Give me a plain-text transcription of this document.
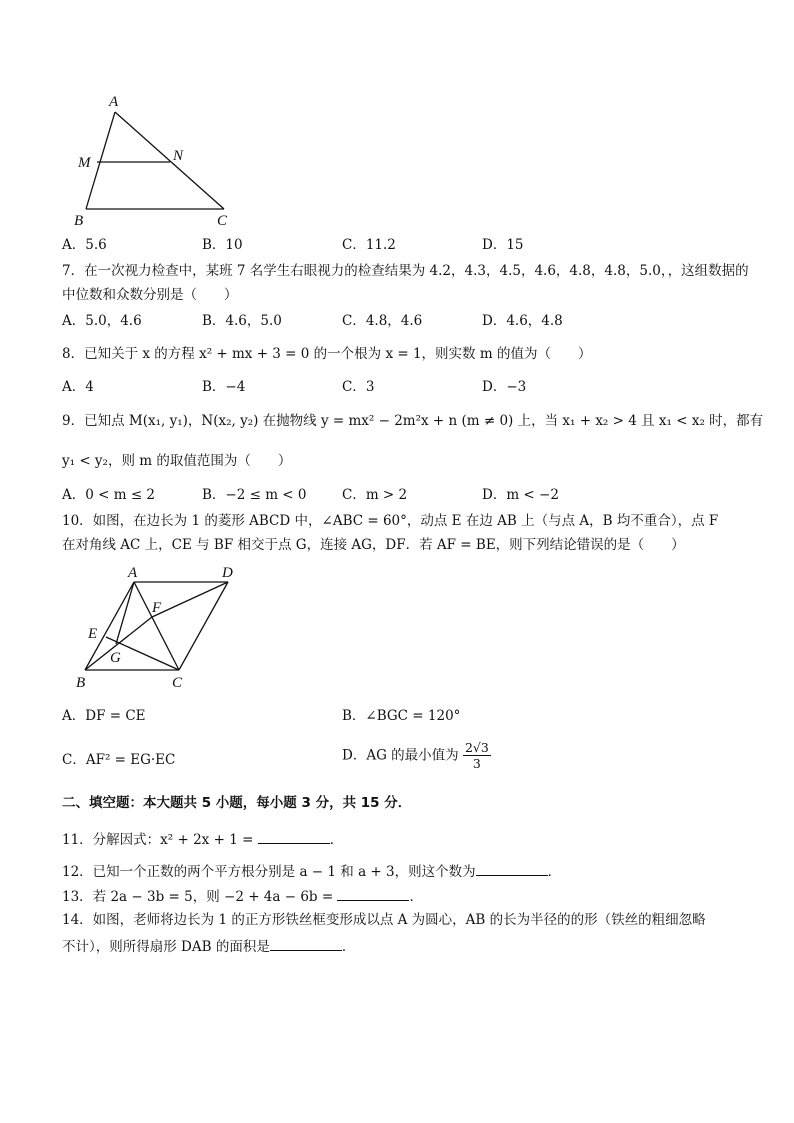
A
M	N
B	C
A．5.6	B．10	C．11.2	D．15
7．在一次视力检查中，某班 7 名学生右眼视力的检查结果为 4.2，4.3，4.5，4.6，4.8，4.8，5.0，，这组数据的
中位数和众数分别是（　　）
A．5.0，4.6	B．4.6，5.0	C．4.8，4.6	D．4.6，4.8
8．已知关于 x 的方程 x² + mx + 3 = 0 的一个根为 x = 1，则实数 m 的值为（　　）
A．4	B．−4	C．3	D．−3
9．已知点 M(x₁, y₁)，N(x₂, y₂) 在抛物线 y = mx² − 2m²x + n (m ≠ 0) 上，当 x₁ + x₂ > 4 且 x₁ < x₂ 时，都有
y₁ < y₂，则 m 的取值范围为（　　）
A．0 < m ≤ 2	B．−2 ≤ m < 0	C．m > 2	D．m < −2
10．如图，在边长为 1 的菱形 ABCD 中，∠ABC = 60°，动点 E 在边 AB 上（与点 A，B 均不重合），点 F
在对角线 AC 上，CE 与 BF 相交于点 G，连接 AG，DF．若 AF = BE，则下列结论错误的是（　　）
A	D
F
E
G
B	C
A．DF = CE	B．∠BGC = 120°
C．AF² = EG·EC	D．AG 的最小值为 $\frac{2√3}{3}$
二、填空题：本大题共 5 小题，每小题 3 分，共 15 分．
11．分解因式：x² + 2x + 1 =	．
12．已知一个正数的两个平方根分别是 a − 1 和 a + 3，则这个数为	．
13．若 2a − 3b = 5，则 −2 + 4a − 6b =	．
14．如图，老师将边长为 1 的正方形铁丝框变形成以点 A 为圆心，AB 的长为半径的的形（铁丝的粗细忽略
不计），则所得扇形 DAB 的面积是	．
